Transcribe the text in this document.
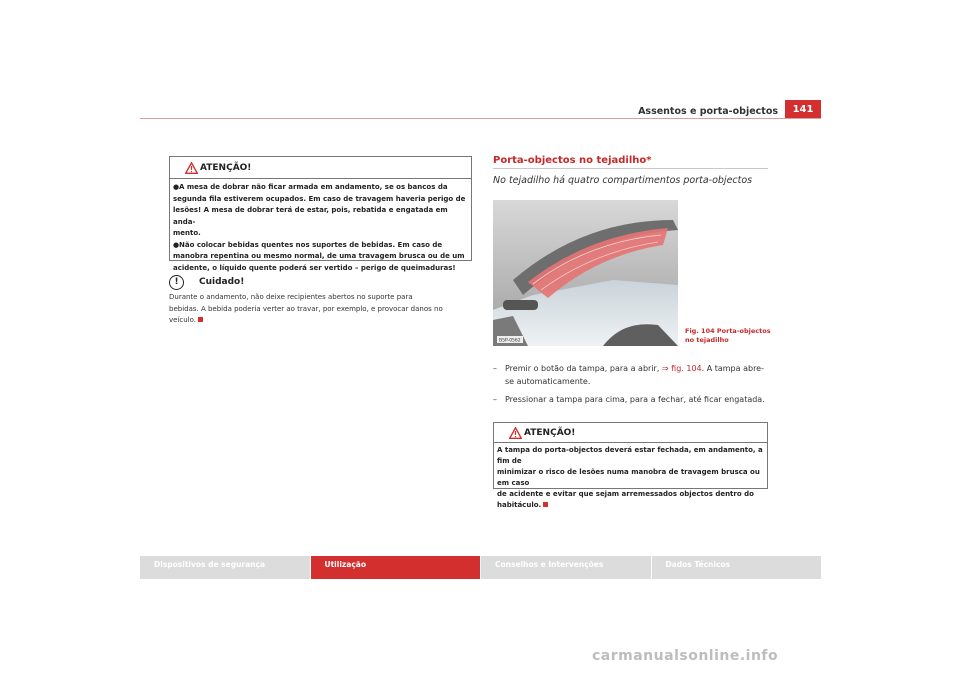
Assentos e porta-objectos	141
ATENÇÃO!
●A mesa de dobrar não ficar armada em andamento, se os bancos da
segunda fila estiverem ocupados. Em caso de travagem haveria perigo de
lesões! A mesa de dobrar terá de estar, pois, rebatida e engatada em anda-
mento.
●Não colocar bebidas quentes nos suportes de bebidas. Em caso de
manobra repentina ou mesmo normal, de uma travagem brusca ou de um
acidente, o líquido quente poderá ser vertido – perigo de queimaduras!
!	Cuidado!
Durante o andamento, não deixe recipientes abertos no suporte para
bebidas. A bebida poderia verter ao travar, por exemplo, e provocar danos no
veículo.
Porta-objectos no tejadilho*
No tejadilho há quatro compartimentos porta-objectos
B5P-0562
Fig. 104 Porta-objectos
no tejadilho
–	Premir o botão da tampa, para a abrir, ⇒ fig. 104. A tampa abre-
se automaticamente.
–	Pressionar a tampa para cima, para a fechar, até ficar engatada.
ATENÇÃO!
A tampa do porta-objectos deverá estar fechada, em andamento, a fim de
minimizar o risco de lesões numa manobra de travagem brusca ou em caso
de acidente e evitar que sejam arremessados objectos dentro do
habitáculo.
Dispositivos de segurança	Utilização	Conselhos e Intervenções	Dados Técnicos
carmanualsonline.info
